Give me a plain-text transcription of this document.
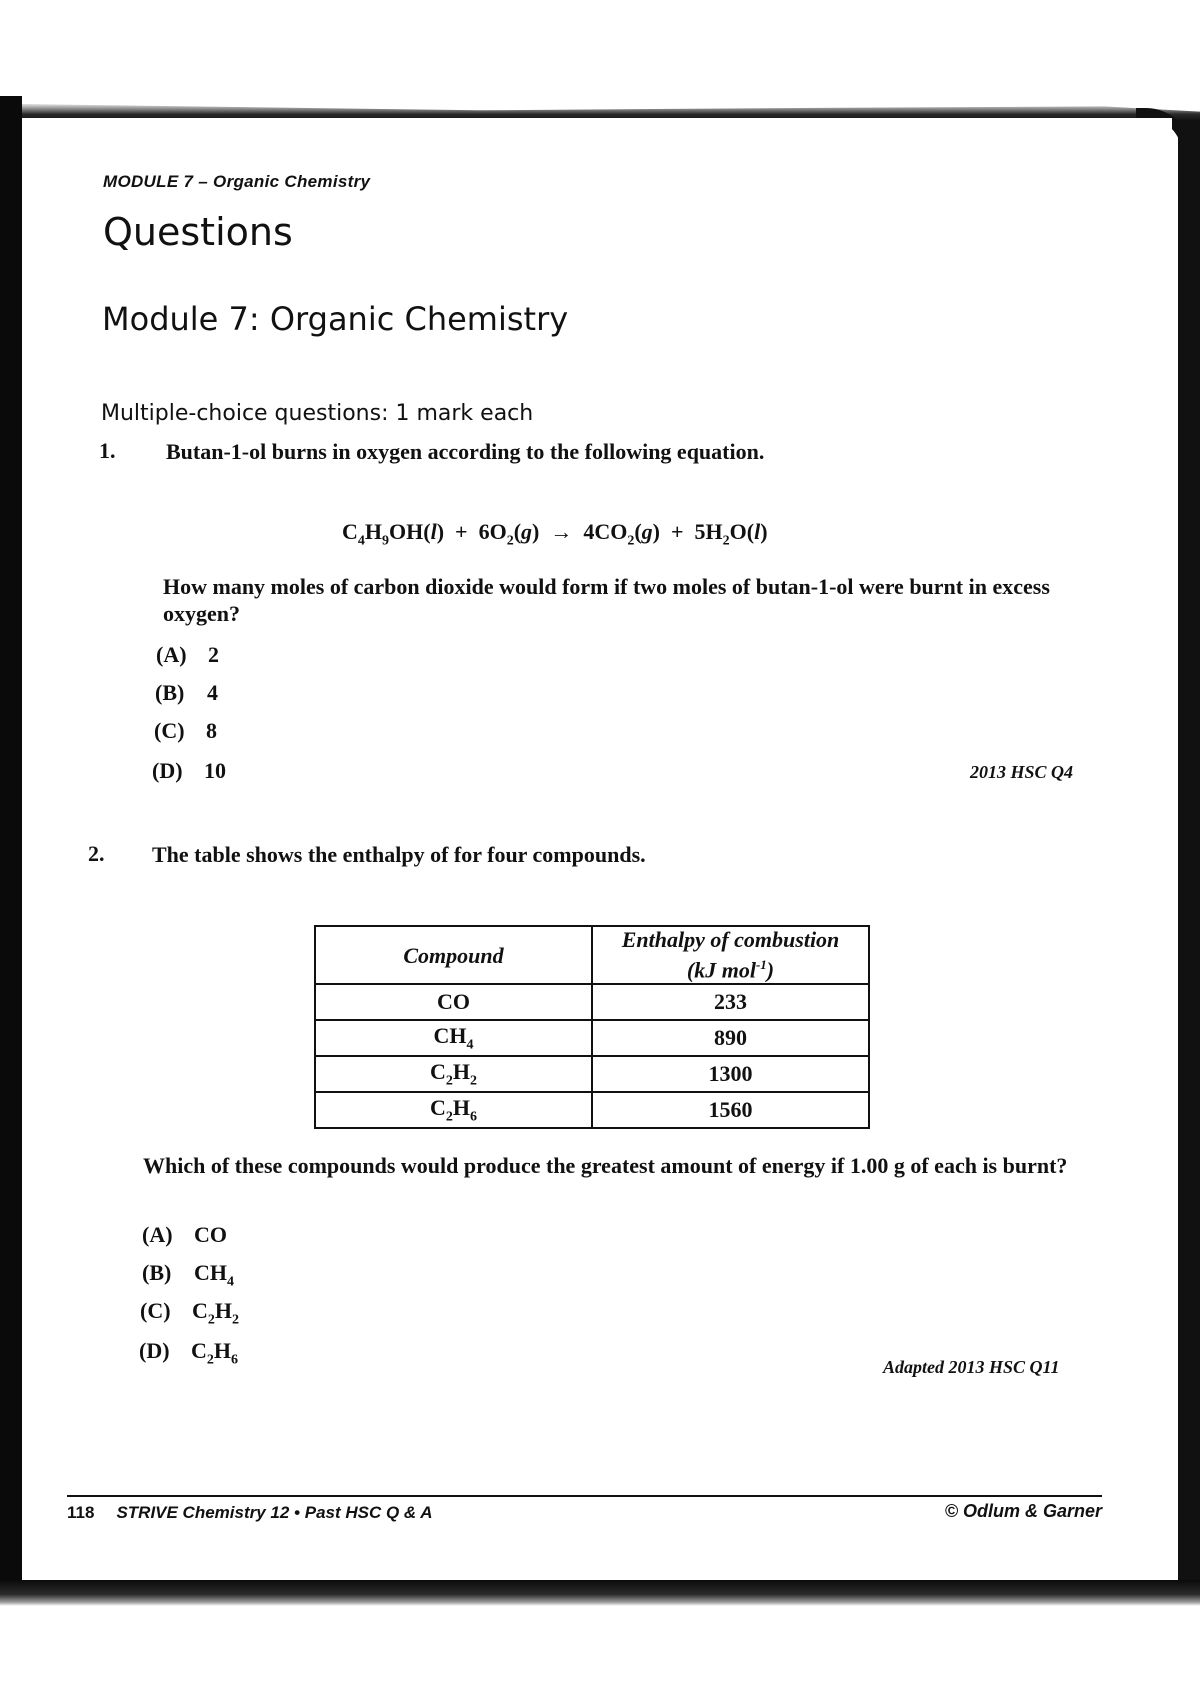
MODULE 7 – Organic Chemistry
Questions
Module 7: Organic Chemistry
Multiple-choice questions: 1 mark each
1. Butan-1-ol burns in oxygen according to the following equation.
$C_4H_9OH(l) + 6O_2(g) \to 4CO_2(g) + 5H_2O(l)$
How many moles of carbon dioxide would form if two moles of butan-1-ol were burnt in excess oxygen?
(A) 2
(B) 4
(C) 8
(D) 10	2013 HSC Q4
2. The table shows the enthalpy of for four compounds.
Compound	Enthalpy of combustion
(kJ mol$^{-1}$)
CO	233
$CH_4$	890
$C_2H_2$	1300
$C_2H_6$	1560
Which of these compounds would produce the greatest amount of energy if 1.00 g of each is burnt?
(A) CO
(B) $CH_4$
(C) $C_2H_2$
(D) $C_2H_6$	Adapted 2013 HSC Q11
118 STRIVE Chemistry 12 • Past HSC Q & A	© Odlum & Garner
